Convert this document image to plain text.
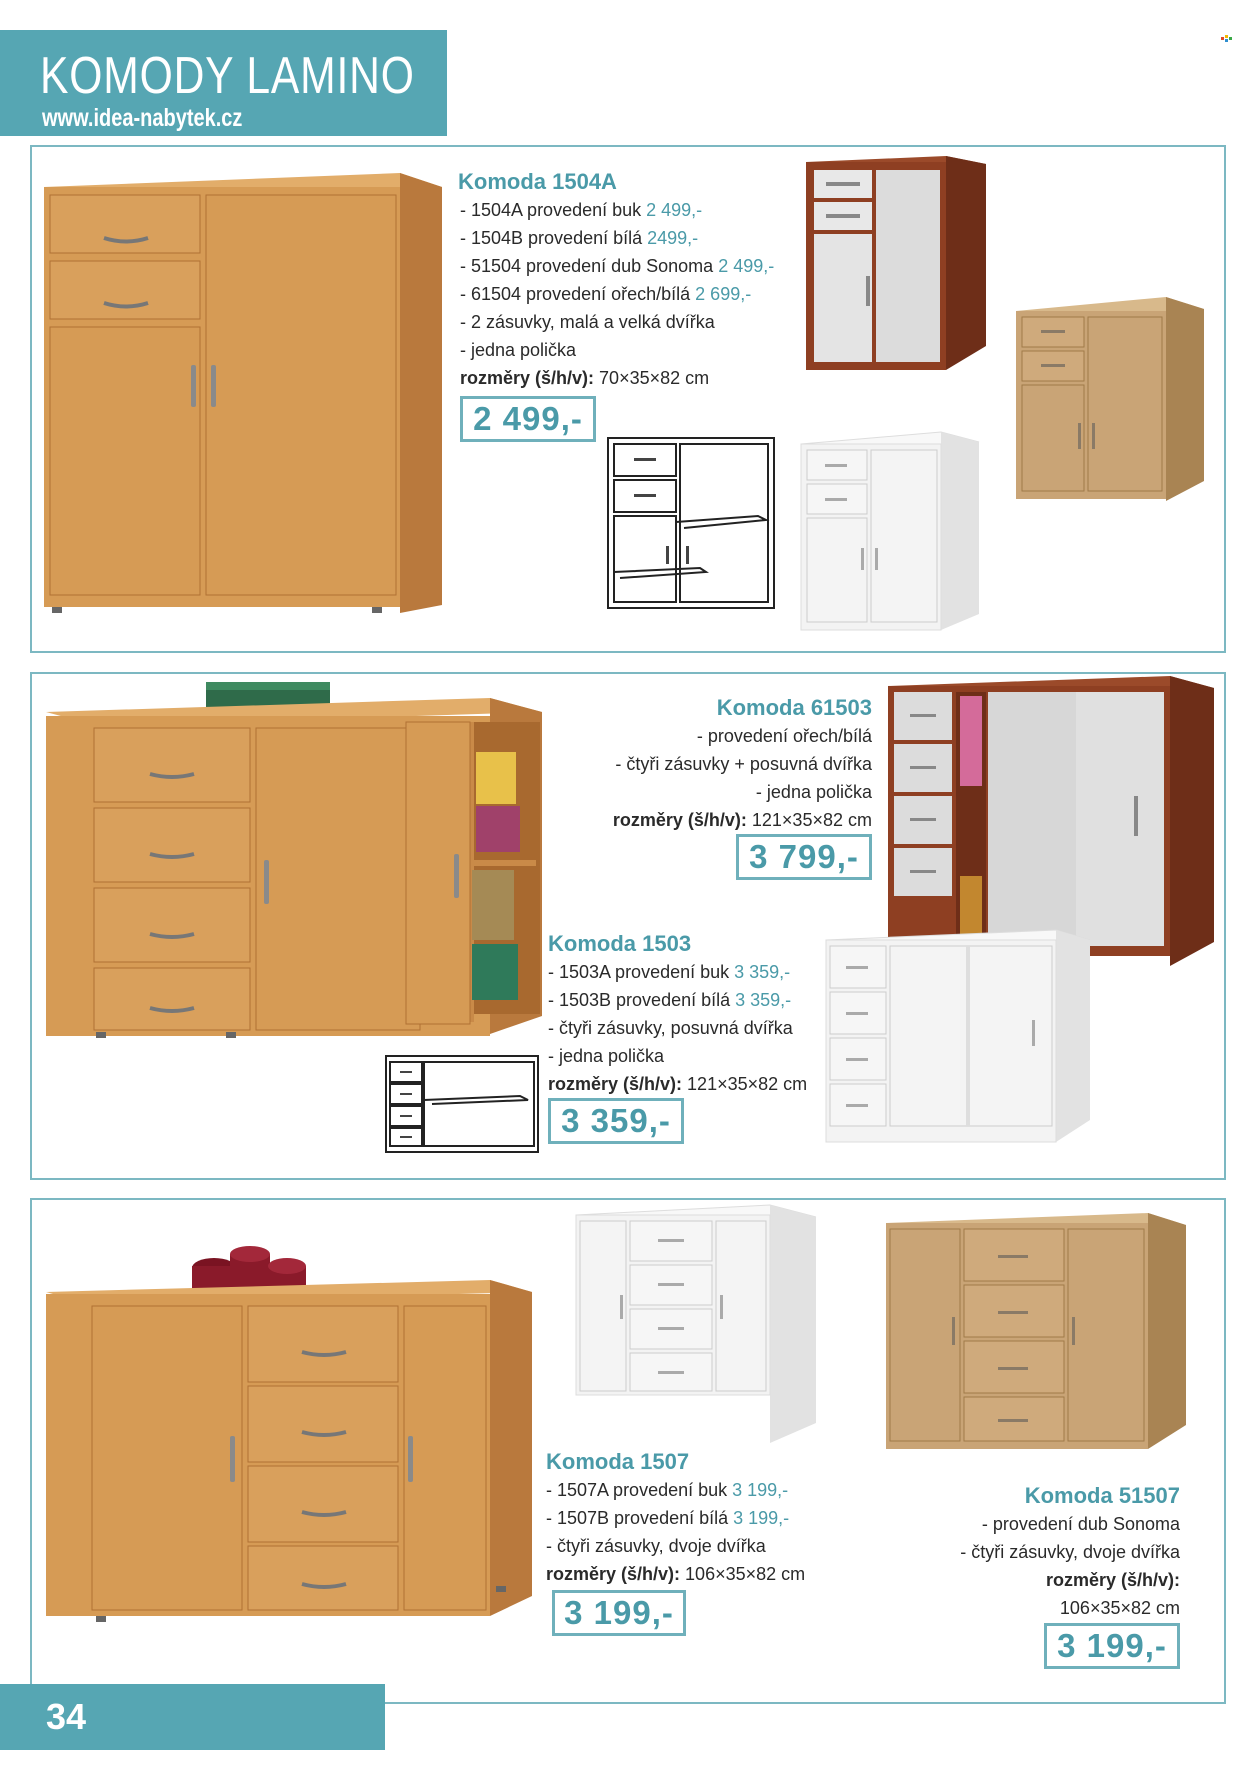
KOMODY LAMINO
www.idea-nabytek.cz
Komoda 1504A
- 1504A provedení buk 2 499,-
- 1504B provedení bílá 2499,-
- 51504 provedení dub Sonoma 2 499,-
- 61504 provedení ořech/bílá 2 699,-
- 2 zásuvky, malá a velká dvířka
- jedna polička
rozměry (š/h/v): 70×35×82 cm
2 499,-
Komoda 61503
- provedení ořech/bílá
- čtyři zásuvky + posuvná dvířka
- jedna polička
rozměry (š/h/v): 121×35×82 cm
3 799,-
Komoda 1503
- 1503A provedení buk 3 359,-
- 1503B provedení bílá 3 359,-
- čtyři zásuvky, posuvná dvířka
- jedna polička
rozměry (š/h/v): 121×35×82 cm
3 359,-
Komoda 1507
- 1507A provedení buk 3 199,-
- 1507B provedení bílá 3 199,-
- čtyři zásuvky, dvoje dvířka
rozměry (š/h/v): 106×35×82 cm
3 199,-
Komoda 51507
- provedení dub Sonoma
- čtyři zásuvky, dvoje dvířka
rozměry (š/h/v):
106×35×82 cm
3 199,-
34
